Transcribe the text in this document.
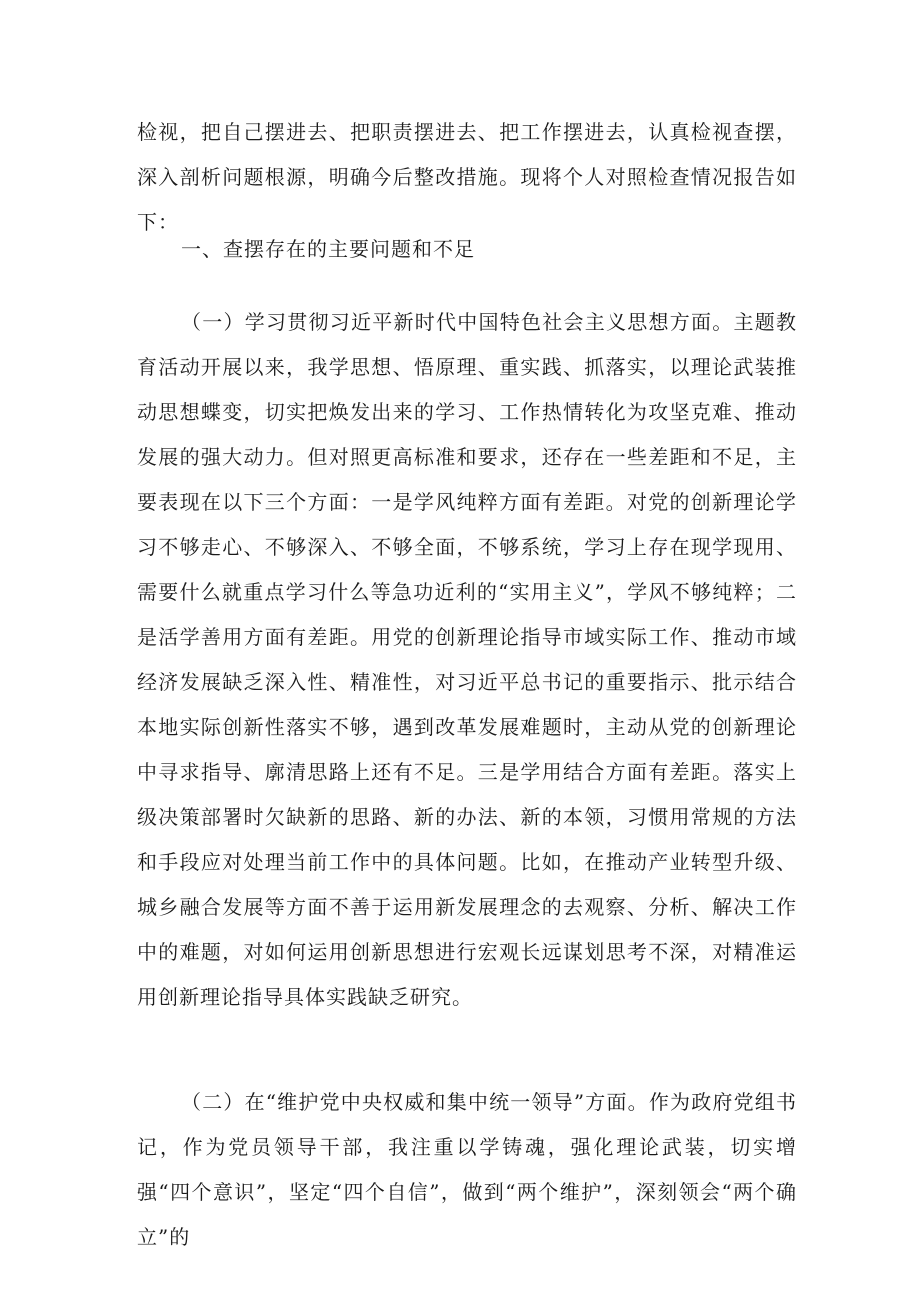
检视，把自己摆进去、把职责摆进去、把工作摆进去，认真检视查摆，深入剖析问题根源，明确今后整改措施。现将个人对照检查情况报告如下：

一、查摆存在的主要问题和不足

（一）学习贯彻习近平新时代中国特色社会主义思想方面。主题教育活动开展以来，我学思想、悟原理、重实践、抓落实，以理论武装推动思想蝶变，切实把焕发出来的学习、工作热情转化为攻坚克难、推动发展的强大动力。但对照更高标准和要求，还存在一些差距和不足，主要表现在以下三个方面：一是学风纯粹方面有差距。对党的创新理论学习不够走心、不够深入、不够全面，不够系统，学习上存在现学现用、需要什么就重点学习什么等急功近利的“实用主义”，学风不够纯粹；二是活学善用方面有差距。用党的创新理论指导市域实际工作、推动市域经济发展缺乏深入性、精准性，对习近平总书记的重要指示、批示结合本地实际创新性落实不够，遇到改革发展难题时，主动从党的创新理论中寻求指导、廓清思路上还有不足。三是学用结合方面有差距。落实上级决策部署时欠缺新的思路、新的办法、新的本领，习惯用常规的方法和手段应对处理当前工作中的具体问题。比如，在推动产业转型升级、城乡融合发展等方面不善于运用新发展理念的去观察、分析、解决工作中的难题，对如何运用创新思想进行宏观长远谋划思考不深，对精准运用创新理论指导具体实践缺乏研究。

（二）在“维护党中央权威和集中统一领导”方面。作为政府党组书记，作为党员领导干部，我注重以学铸魂，强化理论武装，切实增强“四个意识”，坚定“四个自信”，做到“两个维护”，深刻领会“两个确立”的
